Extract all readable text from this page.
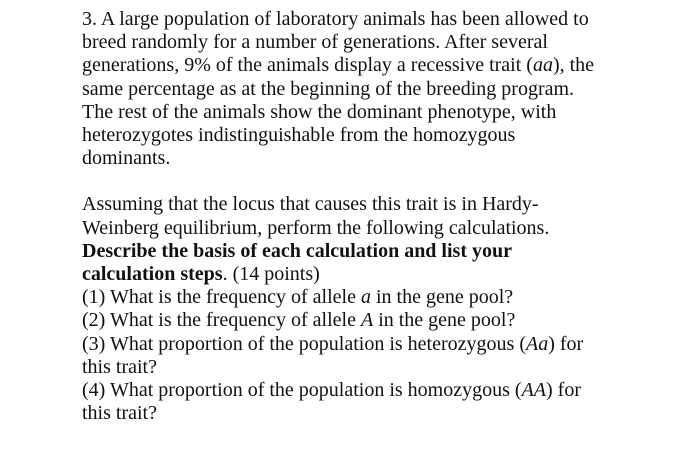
3. A large population of laboratory animals has been allowed to
breed randomly for a number of generations. After several
generations, 9% of the animals display a recessive trait (aa), the
same percentage as at the beginning of the breeding program.
The rest of the animals show the dominant phenotype, with
heterozygotes indistinguishable from the homozygous
dominants.

Assuming that the locus that causes this trait is in Hardy-
Weinberg equilibrium, perform the following calculations.
Describe the basis of each calculation and list your
calculation steps. (14 points)
(1) What is the frequency of allele a in the gene pool?
(2) What is the frequency of allele A in the gene pool?
(3) What proportion of the population is heterozygous (Aa) for
this trait?
(4) What proportion of the population is homozygous (AA) for
this trait?
